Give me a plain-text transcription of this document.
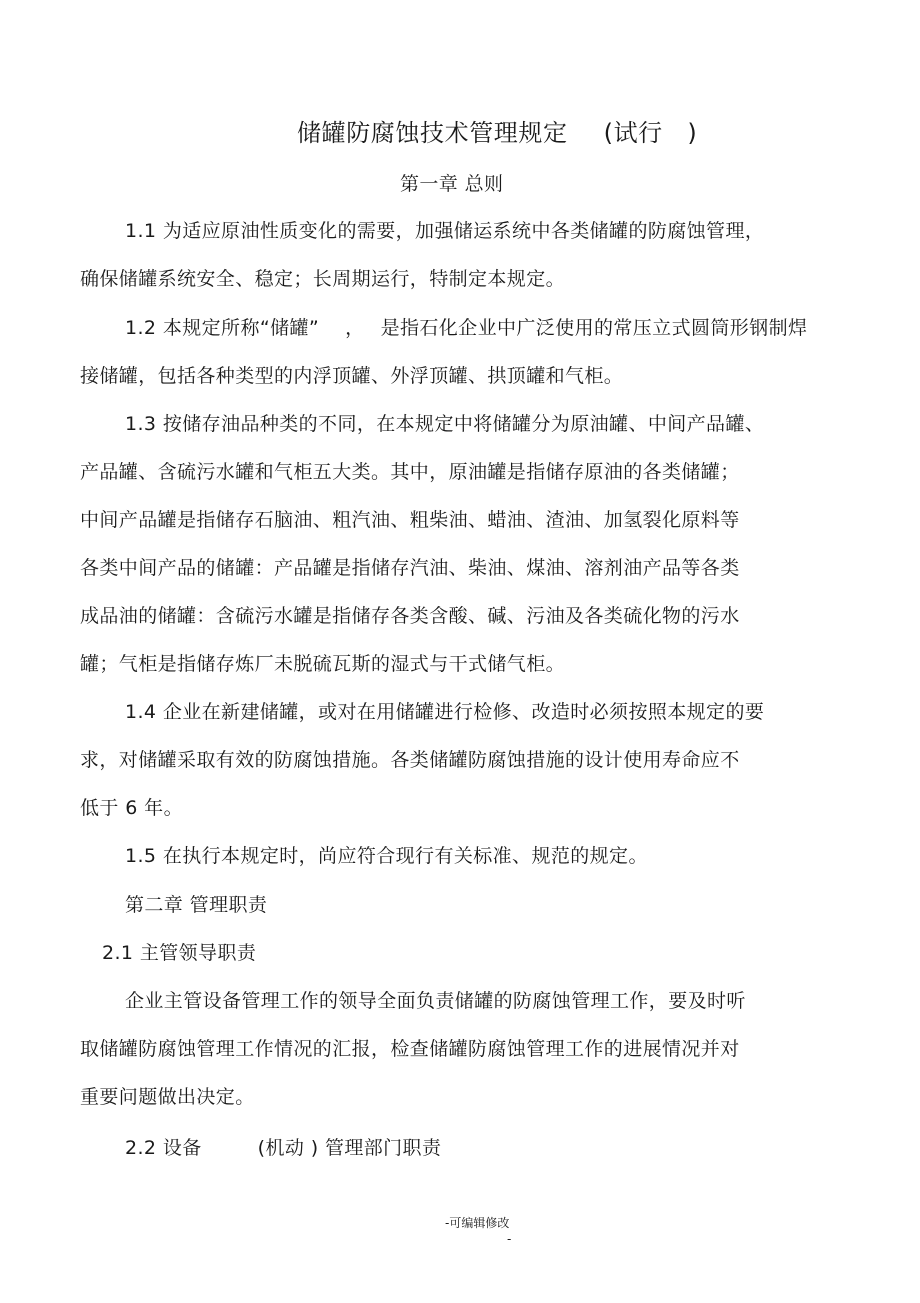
储罐防腐蚀技术管理规定 (试行　)
第一章 总则
1.1 为适应原油性质变化的需要，加强储运系统中各类储罐的防腐蚀管理，
确保储罐系统安全、稳定；长周期运行，特制定本规定。
1.2 本规定所称“储罐” ， 是指石化企业中广泛使用的常压立式圆筒形钢制焊
接储罐，包括各种类型的内浮顶罐、外浮顶罐、拱顶罐和气柜。
1.3 按储存油品种类的不同，在本规定中将储罐分为原油罐、中间产品罐、
产品罐、含硫污水罐和气柜五大类。其中，原油罐是指储存原油的各类储罐；
中间产品罐是指储存石脑油、粗汽油、粗柴油、蜡油、渣油、加氢裂化原料等
各类中间产品的储罐：产品罐是指储存汽油、柴油、煤油、溶剂油产品等各类
成品油的储罐：含硫污水罐是指储存各类含酸、碱、污油及各类硫化物的污水
罐；气柜是指储存炼厂未脱硫瓦斯的湿式与干式储气柜。
1.4 企业在新建储罐，或对在用储罐进行检修、改造时必须按照本规定的要
求，对储罐采取有效的防腐蚀措施。各类储罐防腐蚀措施的设计使用寿命应不
低于 6 年。
1.5 在执行本规定时，尚应符合现行有关标准、规范的规定。
第二章 管理职责
2.1 主管领导职责
企业主管设备管理工作的领导全面负责储罐的防腐蚀管理工作，要及时听
取储罐防腐蚀管理工作情况的汇报，检查储罐防腐蚀管理工作的进展情况并对
重要问题做出决定。
2.2 设备	(机动 ) 管理部门职责
-可编辑修改
-
